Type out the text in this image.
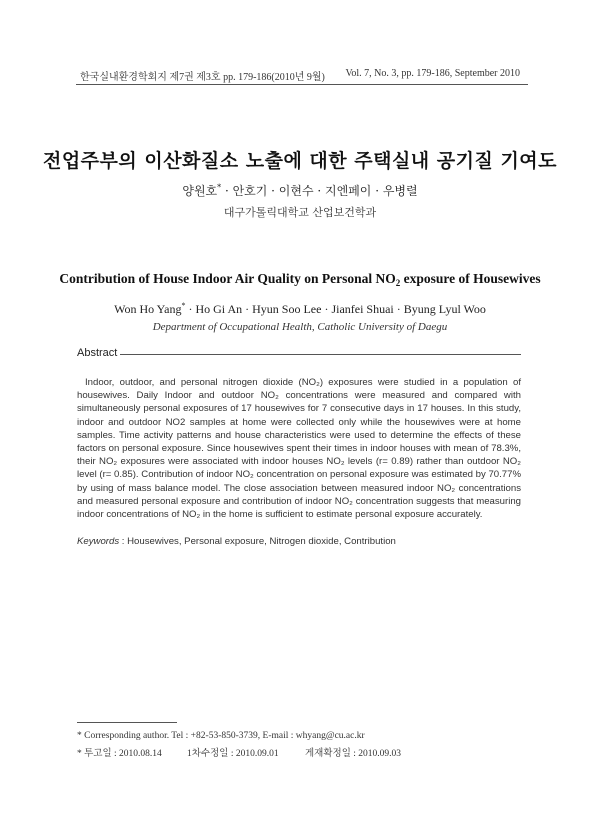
한국실내환경학회지 제7권 제3호 pp. 179-186(2010년 9월) Vol. 7, No. 3, pp. 179-186, September 2010
전업주부의 이산화질소 노출에 대한 주택실내 공기질 기여도
양원호* · 안호기 · 이현수 · 지엔페이 · 우병렬
대구가톨릭대학교 산업보건학과
Contribution of House Indoor Air Quality on Personal $NO_2$ exposure of Housewives
Won Ho Yang* · Ho Gi An · Hyun Soo Lee · Jianfei Shuai · Byung Lyul Woo
Department of Occupational Health, Catholic University of Daegu
Abstract
Indoor, outdoor, and personal nitrogen dioxide (NO₂) exposures were studied in a population of housewives. Daily Indoor and outdoor NO₂ concentrations were measured and compared with simultaneously personal exposures of 17 housewives for 7 consecutive days in 17 houses. In this study, indoor and outdoor NO2 samples at home were collected only while the housewives were at home samples. Time activity patterns and house characteristics were used to determine the effects of these factors on personal exposure. Since housewives spent their times in indoor houses with mean of 78.3%, their NO₂ exposures were associated with indoor houses NO₂ levels (r= 0.89) rather than outdoor NO₂ level (r= 0.85). Contribution of indoor NO₂ concentration on personal exposure was estimated by 70.77% by using of mass balance model. The close association between measured indoor NO₂ concentrations and measured personal exposure and contribution of indoor NO₂ concentration suggests that measuring indoor concentrations of NO₂ in the home is sufficient to estimate personal exposure accurately.
Keywords : Housewives, Personal exposure, Nitrogen dioxide, Contribution
* Corresponding author. Tel : +82-53-850-3739, E-mail : whyang@cu.ac.kr
* 투고일 : 2010.08.14	1차수정일 : 2010.09.01	게재확정일 : 2010.09.03
